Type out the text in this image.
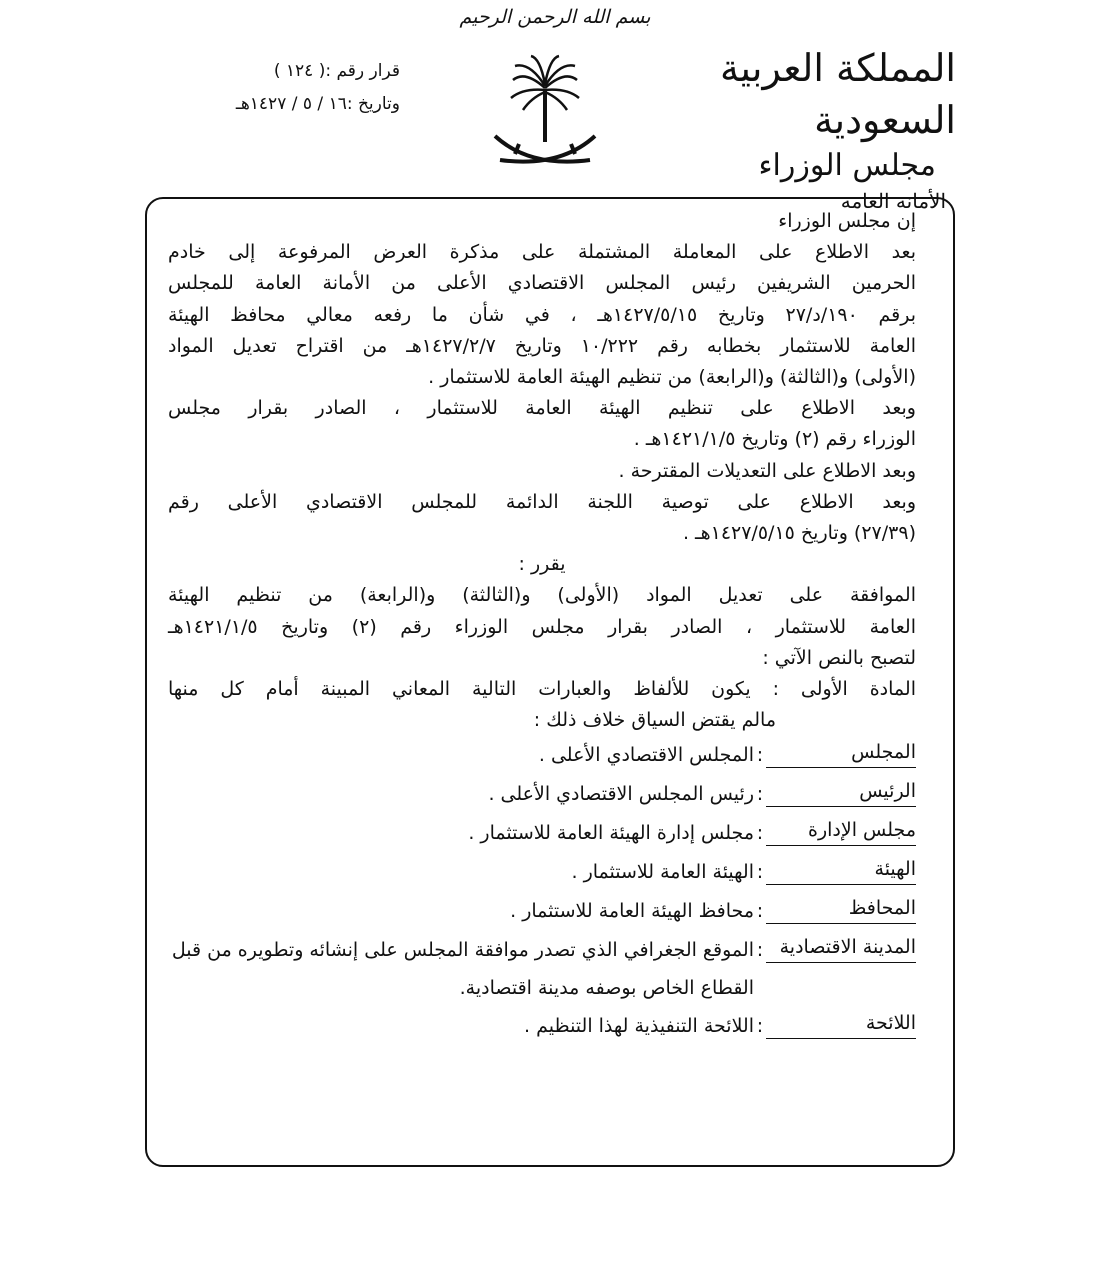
بسم الله الرحمن الرحيم
المملكة العربية السعودية
مجلس الوزراء
الأمانة العامة
قرار رقم :( ١٢٤ )
وتاريخ :١٦ / ٥ / ١٤٢٧هـ

إن مجلس الوزراء

بعد الاطلاع على المعاملة المشتملة على مذكرة العرض المرفوعة إلى خادم

الحرمين الشريفين رئيس المجلس الاقتصادي الأعلى من الأمانة العامة للمجلس

برقم ١٩٠/د/٢٧ وتاريخ ١٤٢٧/٥/١٥هـ ، في شأن ما رفعه معالي محافظ الهيئة

العامة للاستثمار بخطابه رقم ١٠/٢٢٢ وتاريخ ١٤٢٧/٢/٧هـ من اقتراح تعديل المواد

(الأولى) و(الثالثة) و(الرابعة) من تنظيم الهيئة العامة للاستثمار .

وبعد الاطلاع على تنظيم الهيئة العامة للاستثمار ، الصادر بقرار مجلس

الوزراء رقم (٢) وتاريخ ١٤٢١/١/٥هـ .

وبعد الاطلاع على التعديلات المقترحة .

وبعد الاطلاع على توصية اللجنة الدائمة للمجلس الاقتصادي الأعلى رقم

(٢٧/٣٩) وتاريخ ١٤٢٧/٥/١٥هـ .

يقرر :

الموافقة على تعديل المواد (الأولى) و(الثالثة) و(الرابعة) من تنظيم الهيئة

العامة للاستثمار ، الصادر بقرار مجلس الوزراء رقم (٢) وتاريخ ١٤٢١/١/٥هـ

لتصبح بالنص الآتي :

المادة الأولى : يكون للألفاظ والعبارات التالية المعاني المبينة أمام كل منها

مالم يقتض السياق خلاف ذلك :

المجلس
:
المجلس الاقتصادي الأعلى .
الرئيس
:
رئيس المجلس الاقتصادي الأعلى .
مجلس الإدارة
:
مجلس إدارة الهيئة العامة للاستثمار .
الهيئة
:
الهيئة العامة للاستثمار .
المحافظ
:
محافظ الهيئة العامة للاستثمار .
المدينة الاقتصادية
:
الموقع الجغرافي الذي تصدر موافقة المجلس على إنشائه وتطويره من قبل القطاع الخاص بوصفه مدينة اقتصادية.
اللائحة
:
اللائحة التنفيذية لهذا التنظيم .
